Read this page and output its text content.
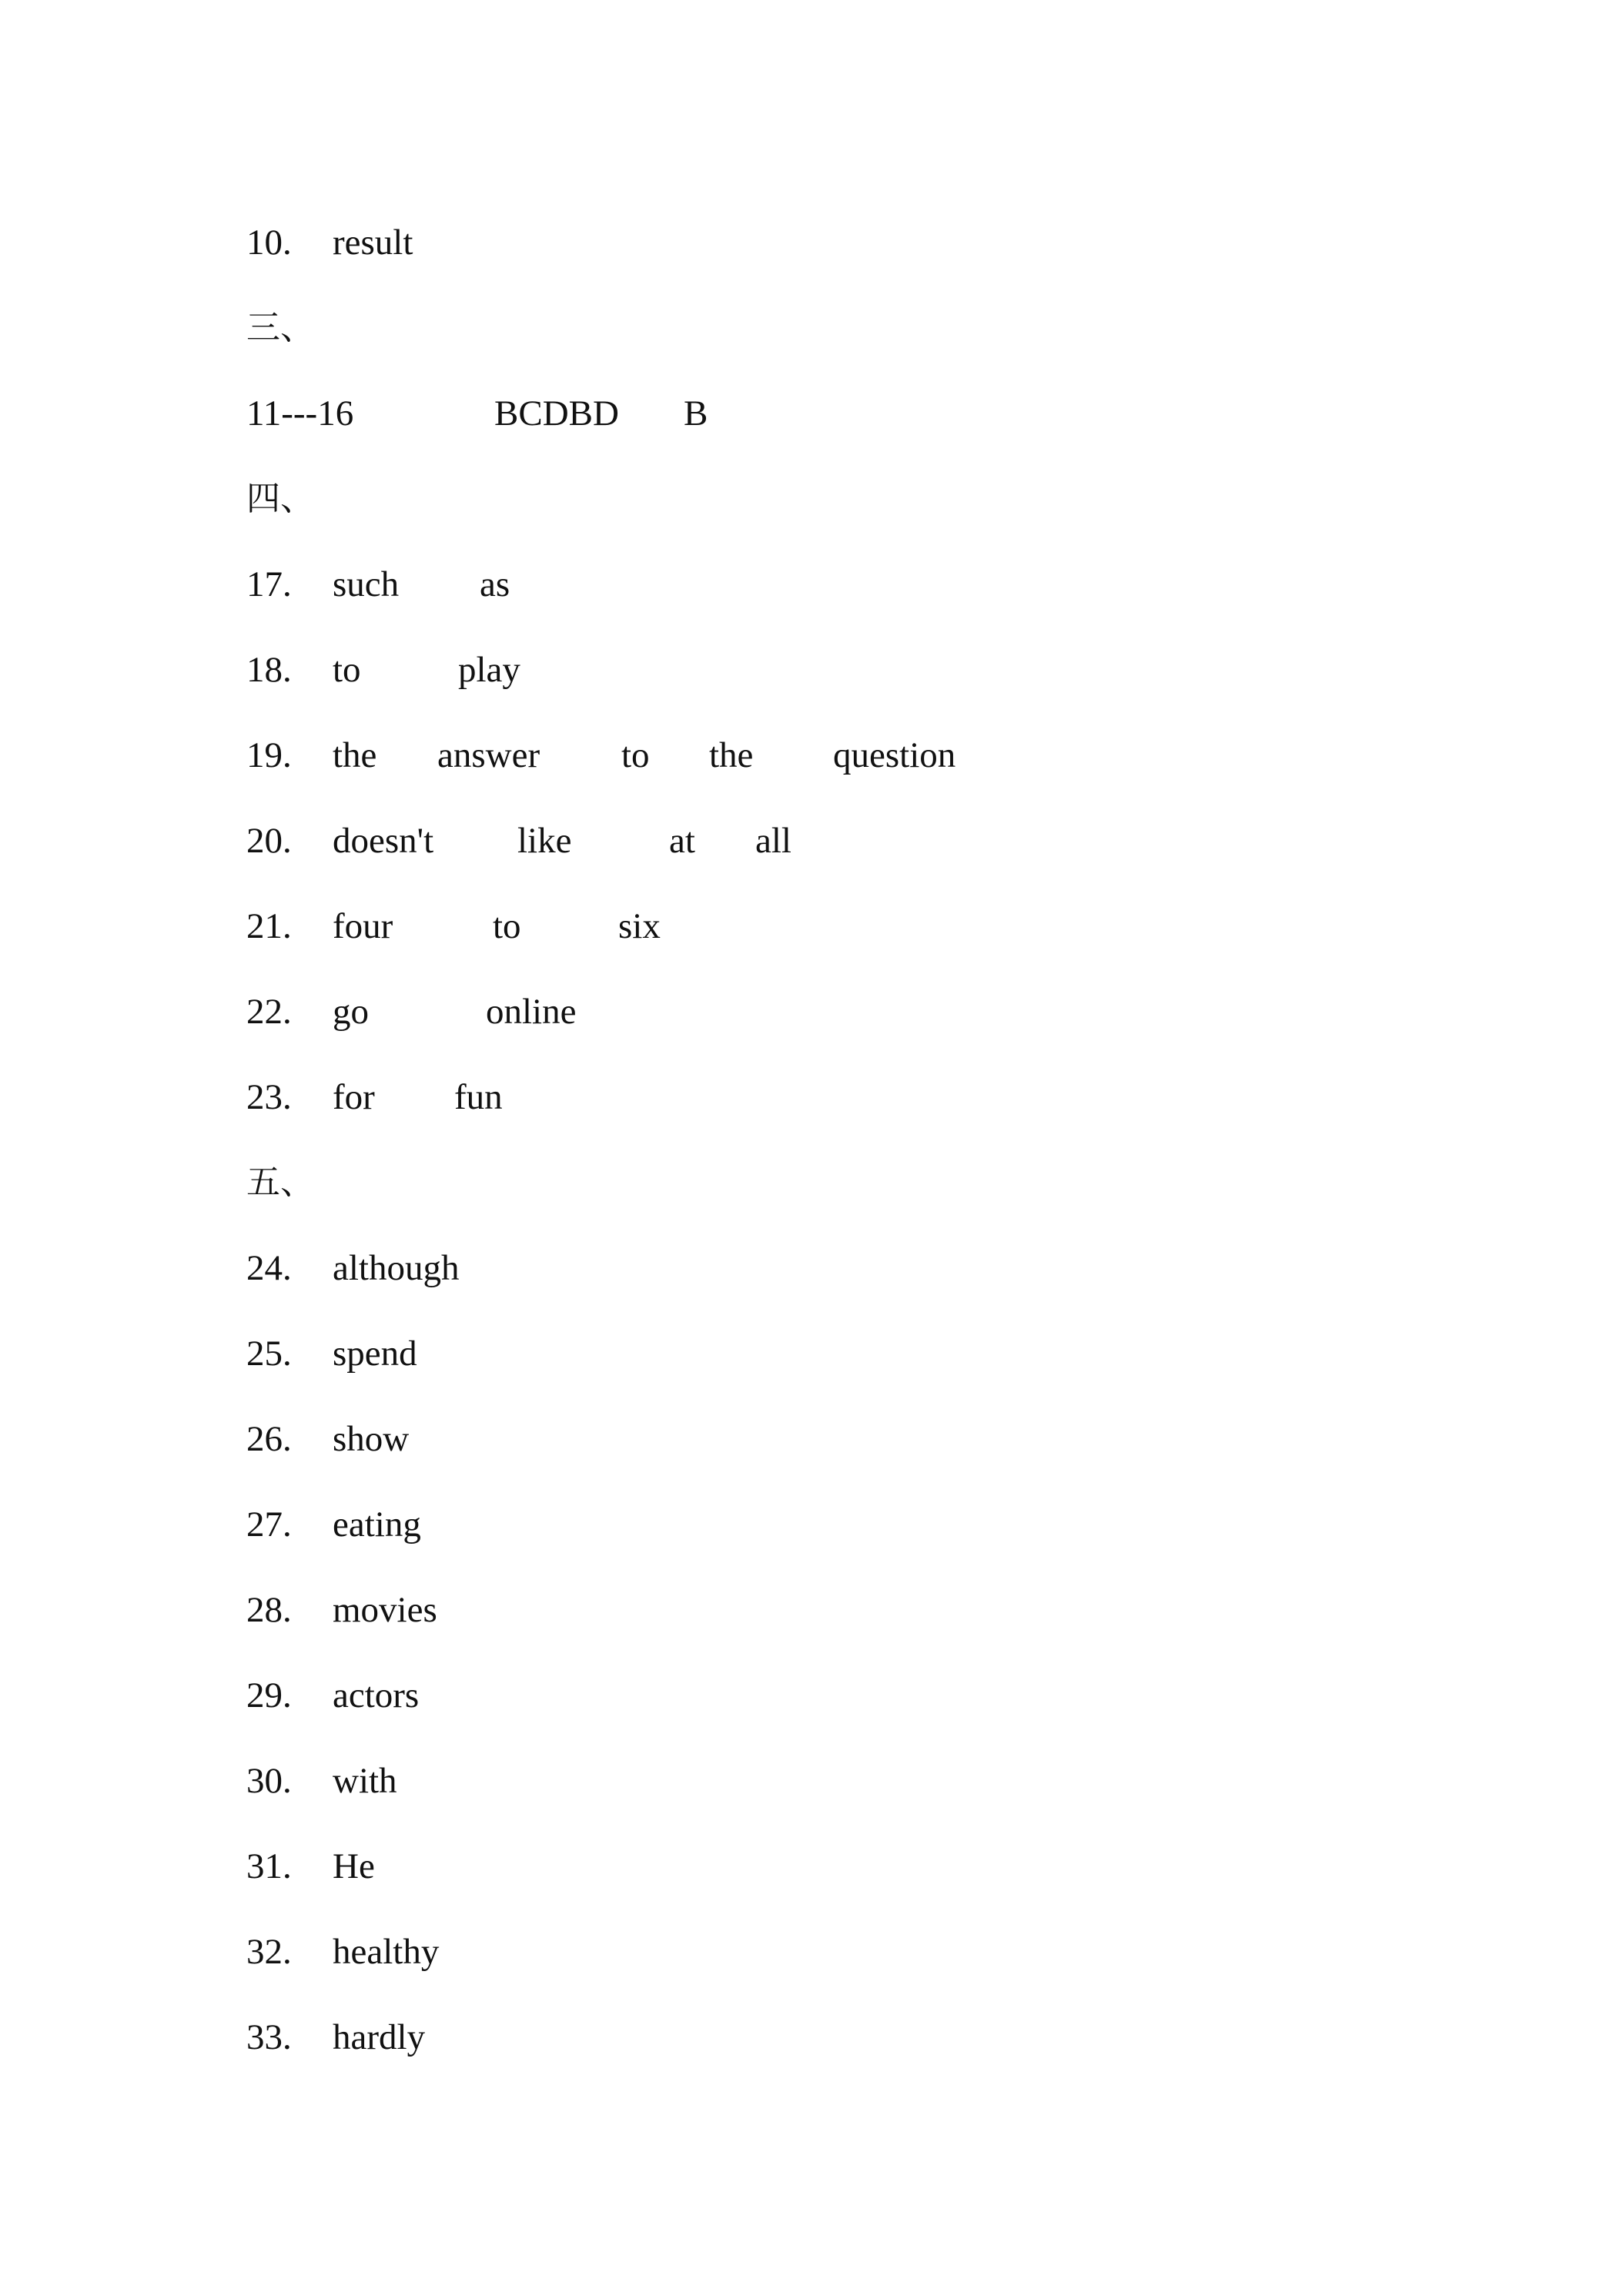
10. result
三、
11---16	BCDBD B
四、
17. such as
18. to	play
19. the answer to the question
20. doesn't like	at all
21. four	to	six
22. go	online
23. for fun
五、
24. although
25. spend
26. show
27. eating
28. movies
29. actors
30. with
31. He
32. healthy
33. hardly
